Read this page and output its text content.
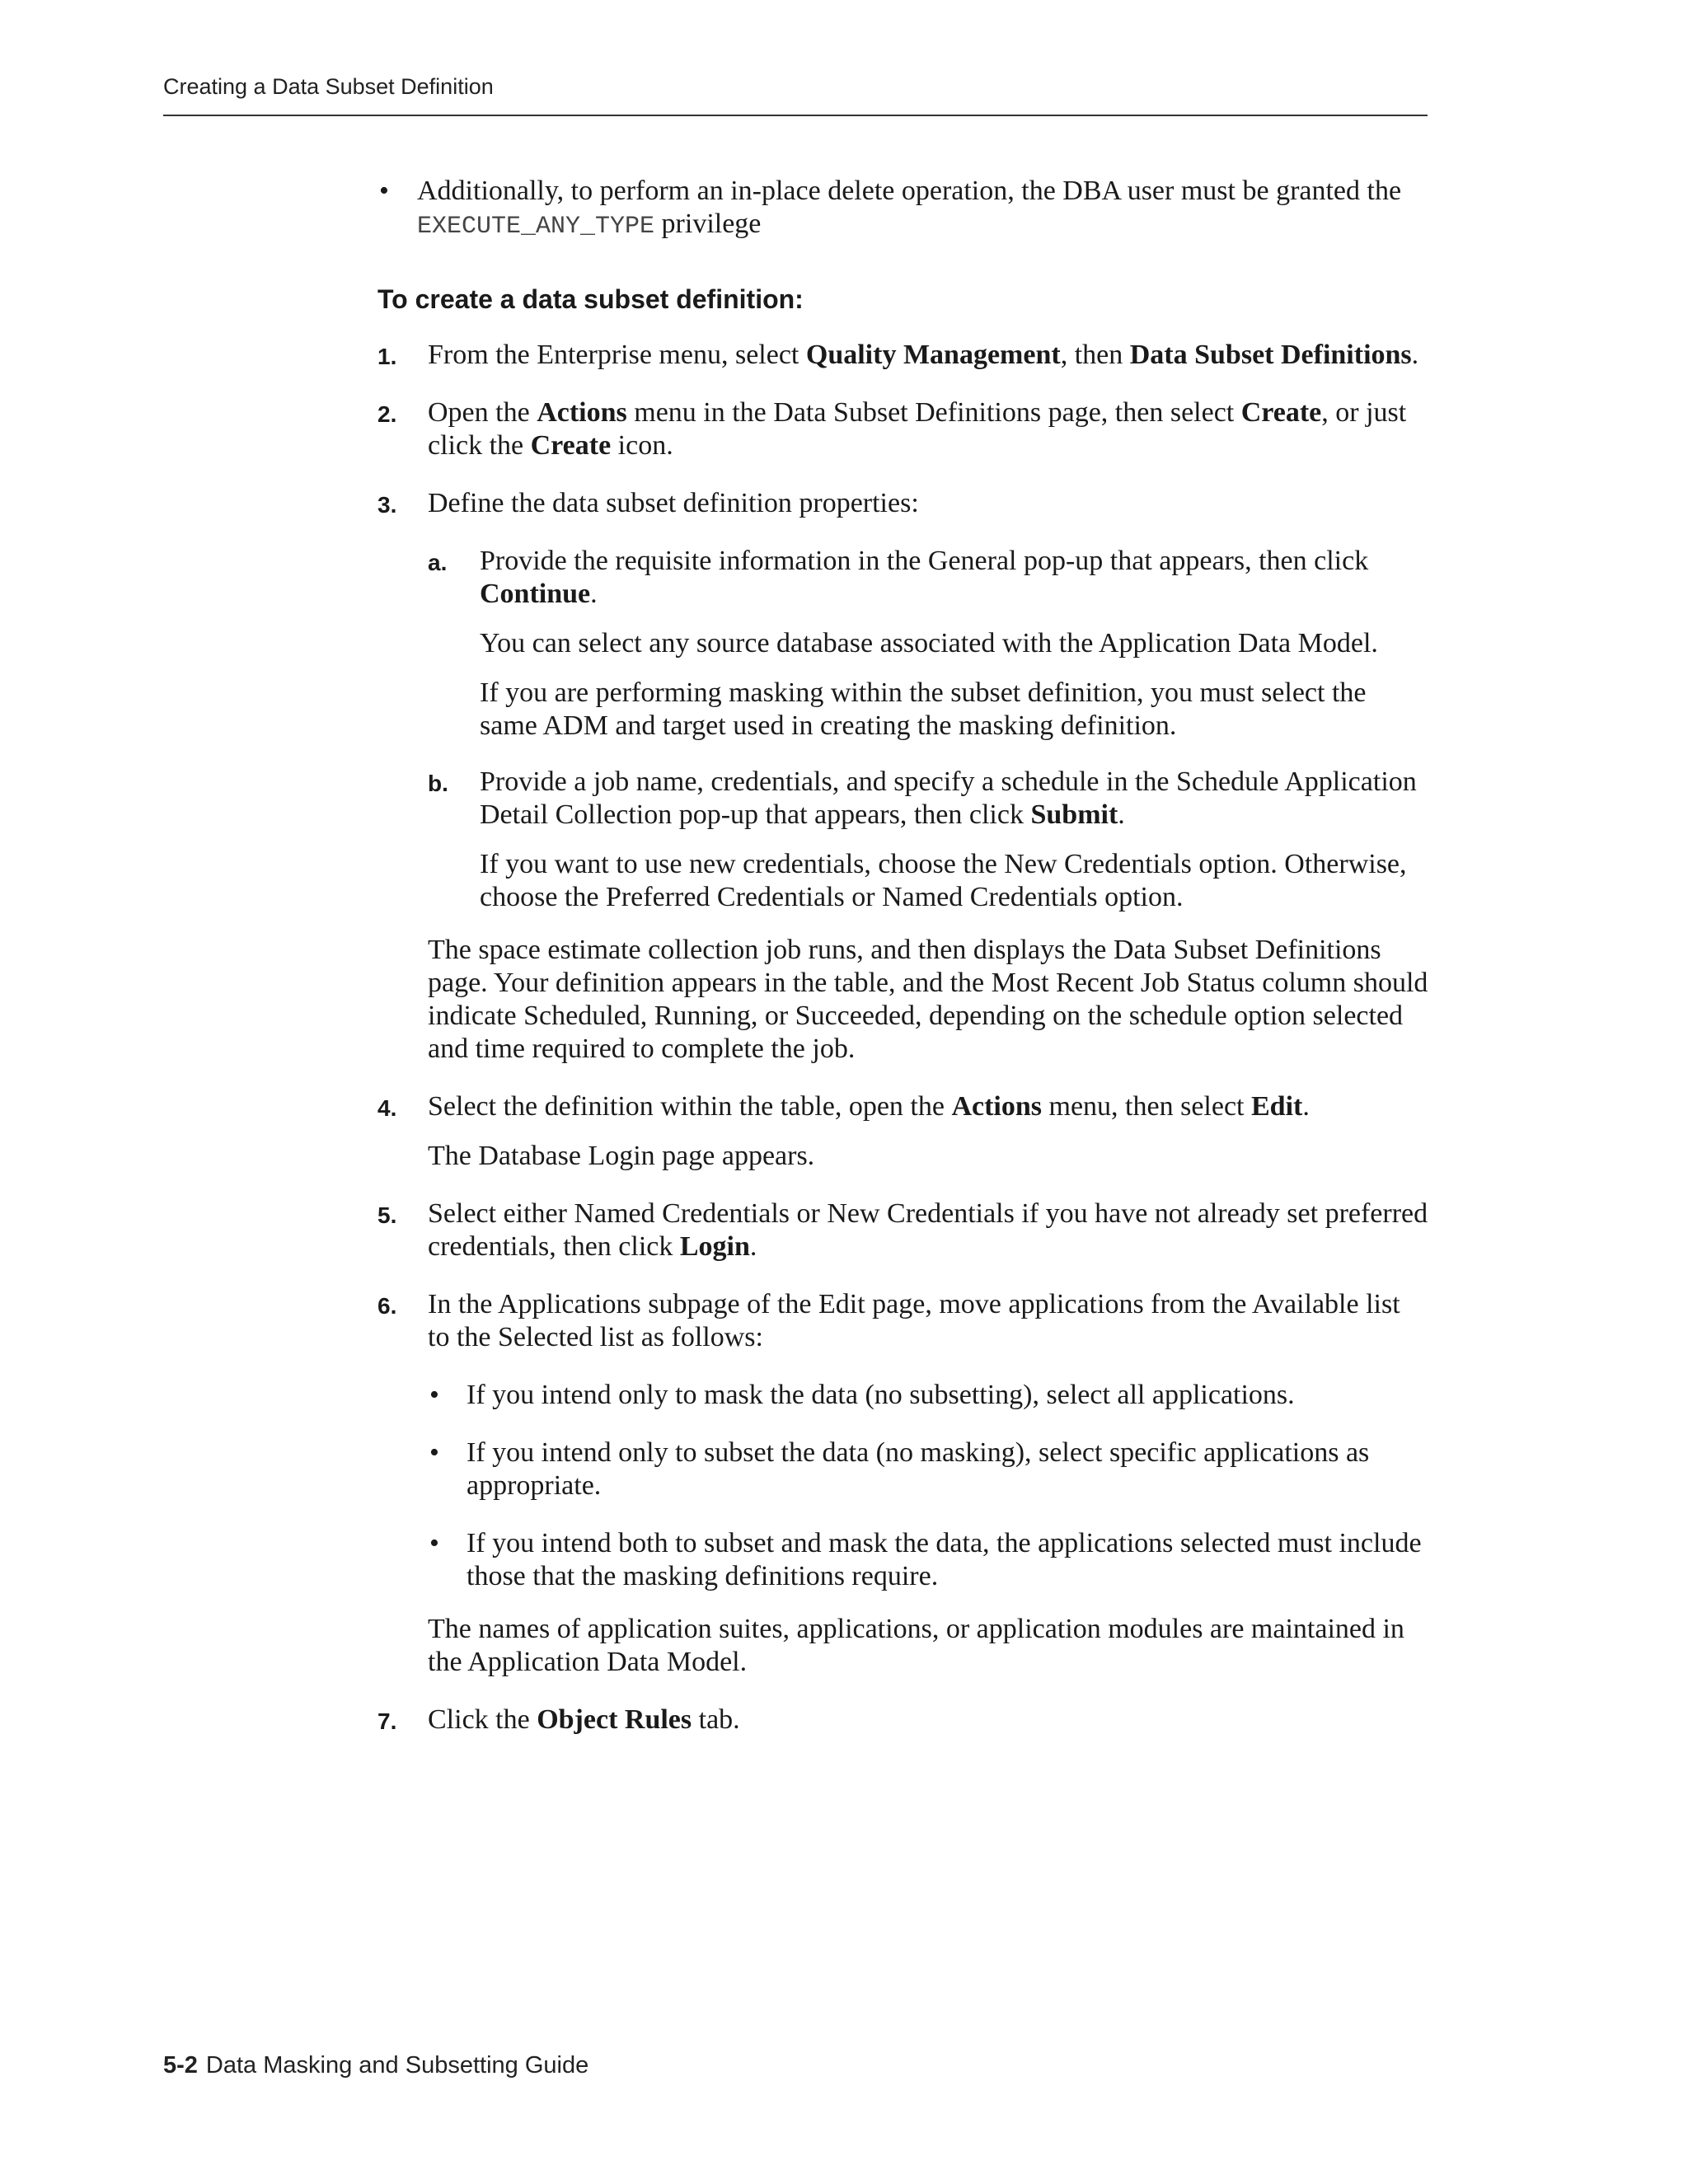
Creating a Data Subset Definition

• Additionally, to perform an in-place delete operation, the DBA user must be granted the EXECUTE_ANY_TYPE privilege

To create a data subset definition:

1. From the Enterprise menu, select Quality Management, then Data Subset Definitions.

2. Open the Actions menu in the Data Subset Definitions page, then select Create, or just click the Create icon.

3. Define the data subset definition properties:

a. Provide the requisite information in the General pop-up that appears, then click Continue.

You can select any source database associated with the Application Data Model.

If you are performing masking within the subset definition, you must select the same ADM and target used in creating the masking definition.

b. Provide a job name, credentials, and specify a schedule in the Schedule Application Detail Collection pop-up that appears, then click Submit.

If you want to use new credentials, choose the New Credentials option. Otherwise, choose the Preferred Credentials or Named Credentials option.

The space estimate collection job runs, and then displays the Data Subset Definitions page. Your definition appears in the table, and the Most Recent Job Status column should indicate Scheduled, Running, or Succeeded, depending on the schedule option selected and time required to complete the job.

4. Select the definition within the table, open the Actions menu, then select Edit.

The Database Login page appears.

5. Select either Named Credentials or New Credentials if you have not already set preferred credentials, then click Login.

6. In the Applications subpage of the Edit page, move applications from the Available list to the Selected list as follows:

• If you intend only to mask the data (no subsetting), select all applications.

• If you intend only to subset the data (no masking), select specific applications as appropriate.

• If you intend both to subset and mask the data, the applications selected must include those that the masking definitions require.

The names of application suites, applications, or application modules are maintained in the Application Data Model.

7. Click the Object Rules tab.

5-2 Data Masking and Subsetting Guide
